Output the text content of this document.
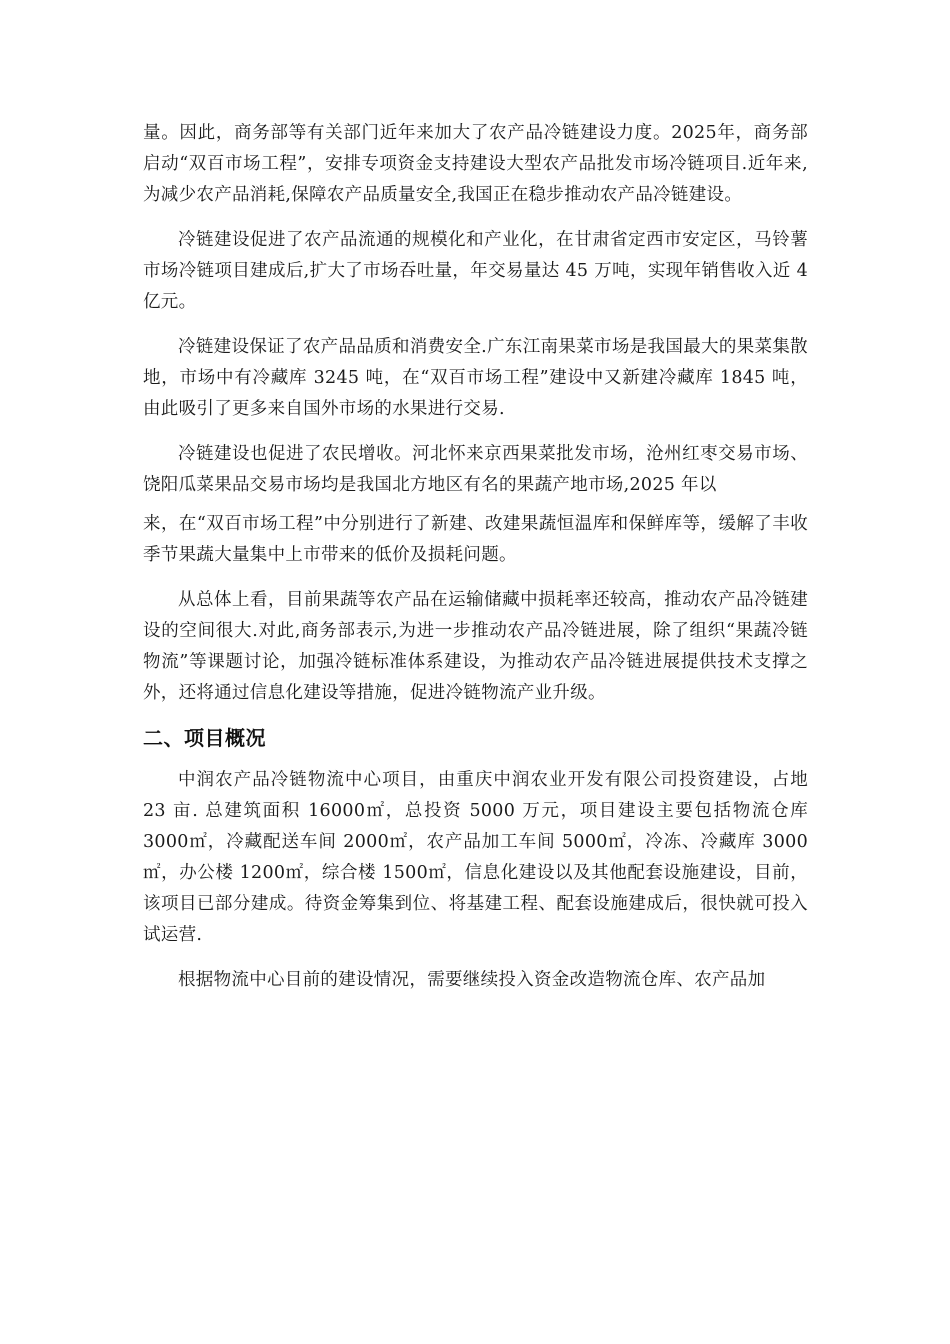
量。因此，商务部等有关部门近年来加大了农产品冷链建设力度。2025年，商务部启动“双百市场工程”，安排专项资金支持建设大型农产品批发市场冷链项目.近年来,为减少农产品消耗,保障农产品质量安全,我国正在稳步推动农产品冷链建设。

冷链建设促进了农产品流通的规模化和产业化，在甘肃省定西市安定区，马铃薯市场冷链项目建成后,扩大了市场吞吐量，年交易量达 45 万吨，实现年销售收入近 4 亿元。

冷链建设保证了农产品品质和消费安全.广东江南果菜市场是我国最大的果菜集散地，市场中有冷藏库 3245 吨，在“双百市场工程”建设中又新建冷藏库 1845 吨，由此吸引了更多来自国外市场的水果进行交易.

冷链建设也促进了农民增收。河北怀来京西果菜批发市场，沧州红枣交易市场、饶阳瓜菜果品交易市场均是我国北方地区有名的果蔬产地市场,2025 年以

来，在“双百市场工程”中分别进行了新建、改建果蔬恒温库和保鲜库等，缓解了丰收季节果蔬大量集中上市带来的低价及损耗问题。

从总体上看，目前果蔬等农产品在运输储藏中损耗率还较高，推动农产品冷链建设的空间很大.对此,商务部表示,为进一步推动农产品冷链进展，除了组织“果蔬冷链物流”等课题讨论，加强冷链标准体系建设，为推动农产品冷链进展提供技术支撑之外，还将通过信息化建设等措施，促进冷链物流产业升级。

二、项目概况

中润农产品冷链物流中心项目，由重庆中润农业开发有限公司投资建设，占地 23 亩. 总建筑面积 16000㎡，总投资 5000 万元，项目建设主要包括物流仓库 3000㎡，冷藏配送车间 2000㎡，农产品加工车间 5000㎡，冷冻、冷藏库 3000㎡，办公楼 1200㎡，综合楼 1500㎡，信息化建设以及其他配套设施建设，目前，该项目已部分建成。待资金筹集到位、将基建工程、配套设施建成后，很快就可投入试运营.

根据物流中心目前的建设情况，需要继续投入资金改造物流仓库、农产品加
